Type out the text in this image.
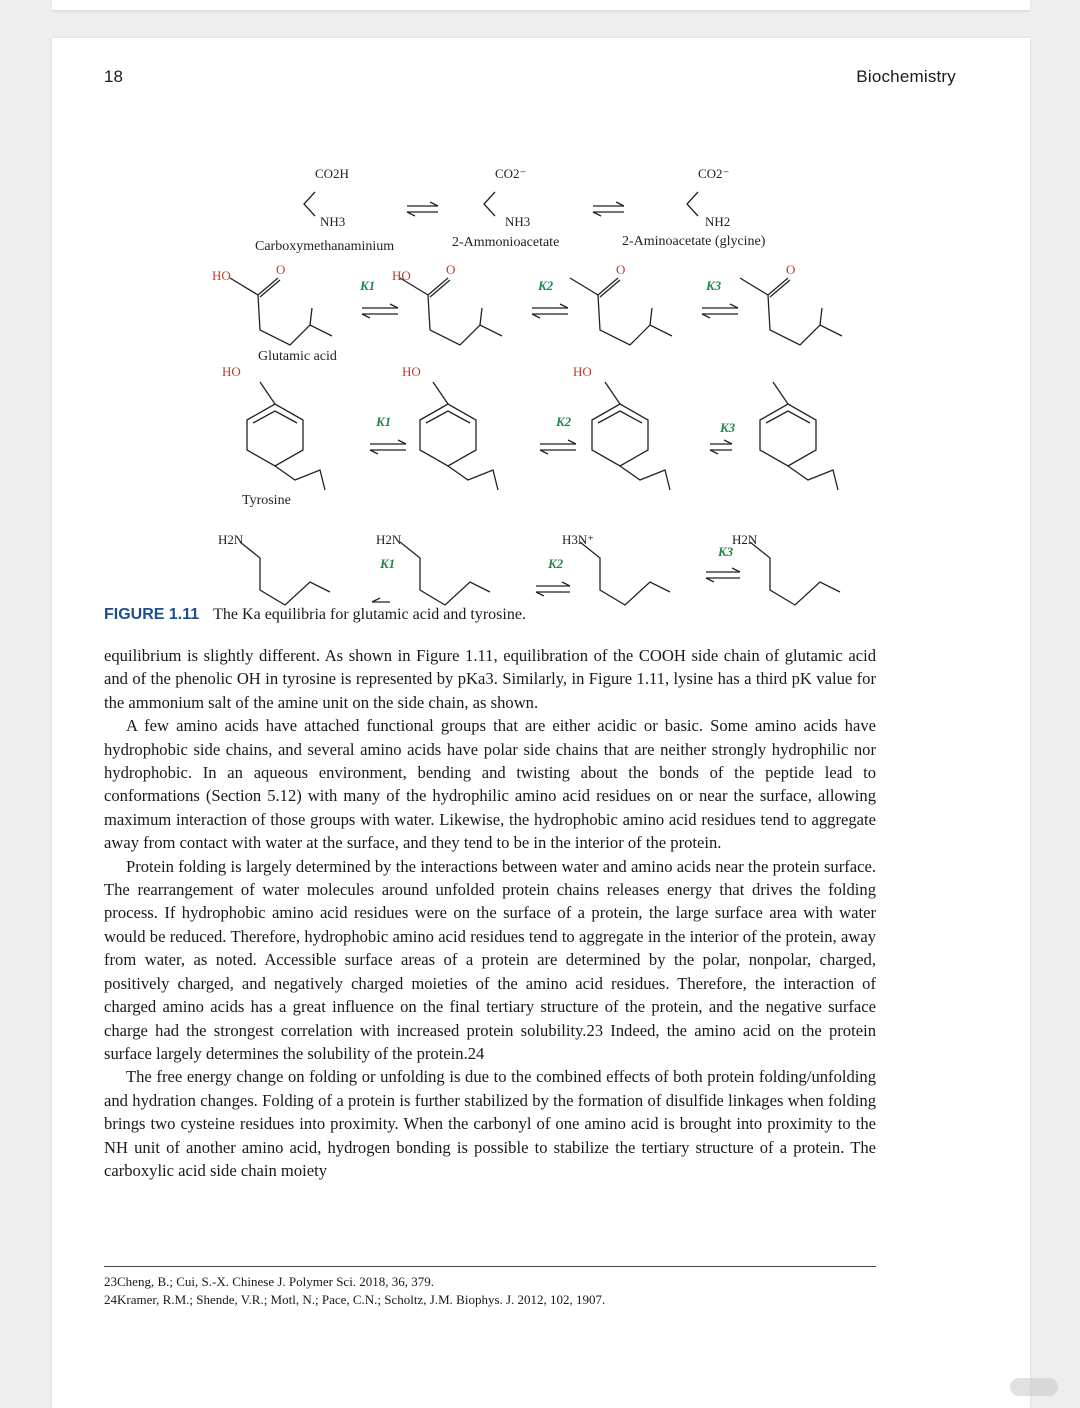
18	Biochemistry
CO2H	CO2⁻	CO2⁻
NH3	NH3	NH2
Carboxymethanaminium	2-Ammonioacetate	2-Aminoacetate (glycine)
HO	O	HO	O	O	O
K1	K2	K3
Glutamic acid
HO	HO	HO
K1	K2	K3
Tyrosine
H2N	H2N	H3N⁺	H2N
K1	K2
K3
FIGURE 1.11 The Ka equilibria for glutamic acid and tyrosine.

equilibrium is slightly different. As shown in Figure 1.11, equilibration of the COOH side chain of glutamic acid and of the phenolic OH in tyrosine is represented by pKa3. Similarly, in Figure 1.11, lysine has a third pK value for the ammonium salt of the amine unit on the side chain, as shown.

A few amino acids have attached functional groups that are either acidic or basic. Some amino acids have hydrophobic side chains, and several amino acids have polar side chains that are neither strongly hydrophilic nor hydrophobic. In an aqueous environment, bending and twisting about the bonds of the peptide lead to conformations (Section 5.12) with many of the hydrophilic amino acid residues on or near the surface, allowing maximum interaction of those groups with water. Likewise, the hydrophobic amino acid residues tend to aggregate away from contact with water at the surface, and they tend to be in the interior of the protein.

Protein folding is largely determined by the interactions between water and amino acids near the protein surface. The rearrangement of water molecules around unfolded protein chains releases energy that drives the folding process. If hydrophobic amino acid residues were on the surface of a protein, the large surface area with water would be reduced. Therefore, hydrophobic amino acid residues tend to aggregate in the interior of the protein, away from water, as noted. Accessible surface areas of a protein are determined by the polar, nonpolar, charged, positively charged, and negatively charged moieties of the amino acid residues. Therefore, the interaction of charged amino acids has a great influence on the final tertiary structure of the protein, and the negative surface charge had the strongest correlation with increased protein solubility.23 Indeed, the amino acid on the protein surface largely determines the solubility of the protein.24

The free energy change on folding or unfolding is due to the combined effects of both protein folding/unfolding and hydration changes. Folding of a protein is further stabilized by the formation of disulfide linkages when folding brings two cysteine residues into proximity. When the carbonyl of one amino acid is brought into proximity to the NH unit of another amino acid, hydrogen bonding is possible to stabilize the tertiary structure of a protein. The carboxylic acid side chain moiety

23Cheng, B.; Cui, S.-X. Chinese J. Polymer Sci. 2018, 36, 379.
24Kramer, R.M.; Shende, V.R.; Motl, N.; Pace, C.N.; Scholtz, J.M. Biophys. J. 2012, 102, 1907.
